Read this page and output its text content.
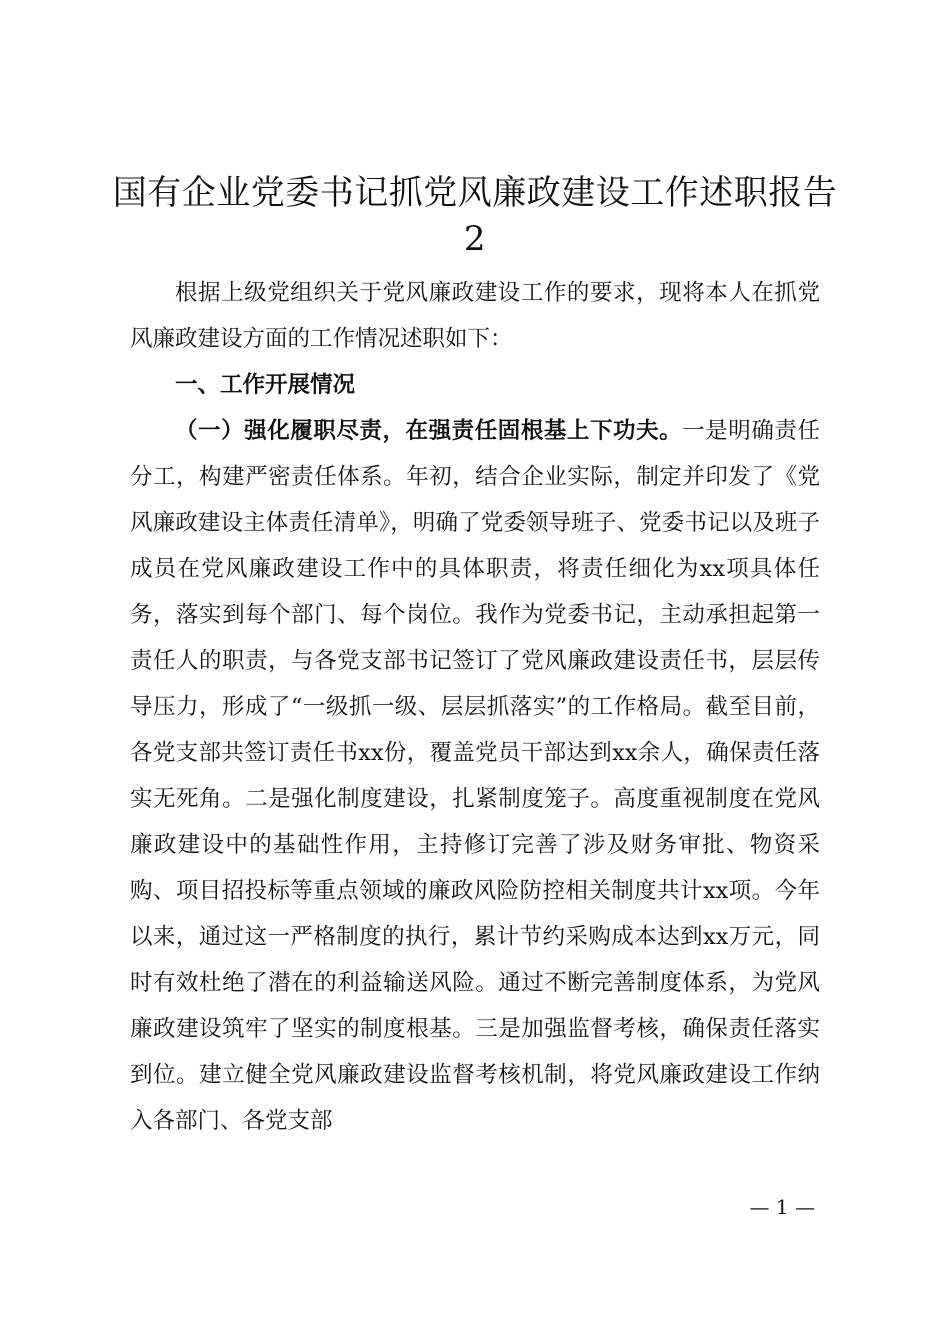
国有企业党委书记抓党风廉政建设工作述职报告2

根据上级党组织关于党风廉政建设工作的要求，现将本人在抓党风廉政建设方面的工作情况述职如下：

一、工作开展情况

（一）强化履职尽责，在强责任固根基上下功夫。一是明确责任分工，构建严密责任体系。年初，结合企业实际，制定并印发了《党风廉政建设主体责任清单》，明确了党委领导班子、党委书记以及班子成员在党风廉政建设工作中的具体职责，将责任细化为xx项具体任务，落实到每个部门、每个岗位。我作为党委书记，主动承担起第一责任人的职责，与各党支部书记签订了党风廉政建设责任书，层层传导压力，形成了“一级抓一级、层层抓落实”的工作格局。截至目前，各党支部共签订责任书xx份，覆盖党员干部达到xx余人，确保责任落实无死角。二是强化制度建设，扎紧制度笼子。高度重视制度在党风廉政建设中的基础性作用，主持修订完善了涉及财务审批、物资采购、项目招投标等重点领域的廉政风险防控相关制度共计xx项。今年以来，通过这一严格制度的执行，累计节约采购成本达到xx万元，同时有效杜绝了潜在的利益输送风险。通过不断完善制度体系，为党风廉政建设筑牢了坚实的制度根基。三是加强监督考核，确保责任落实到位。建立健全党风廉政建设监督考核机制，将党风廉政建设工作纳入各部门、各党支部

— 1 —
